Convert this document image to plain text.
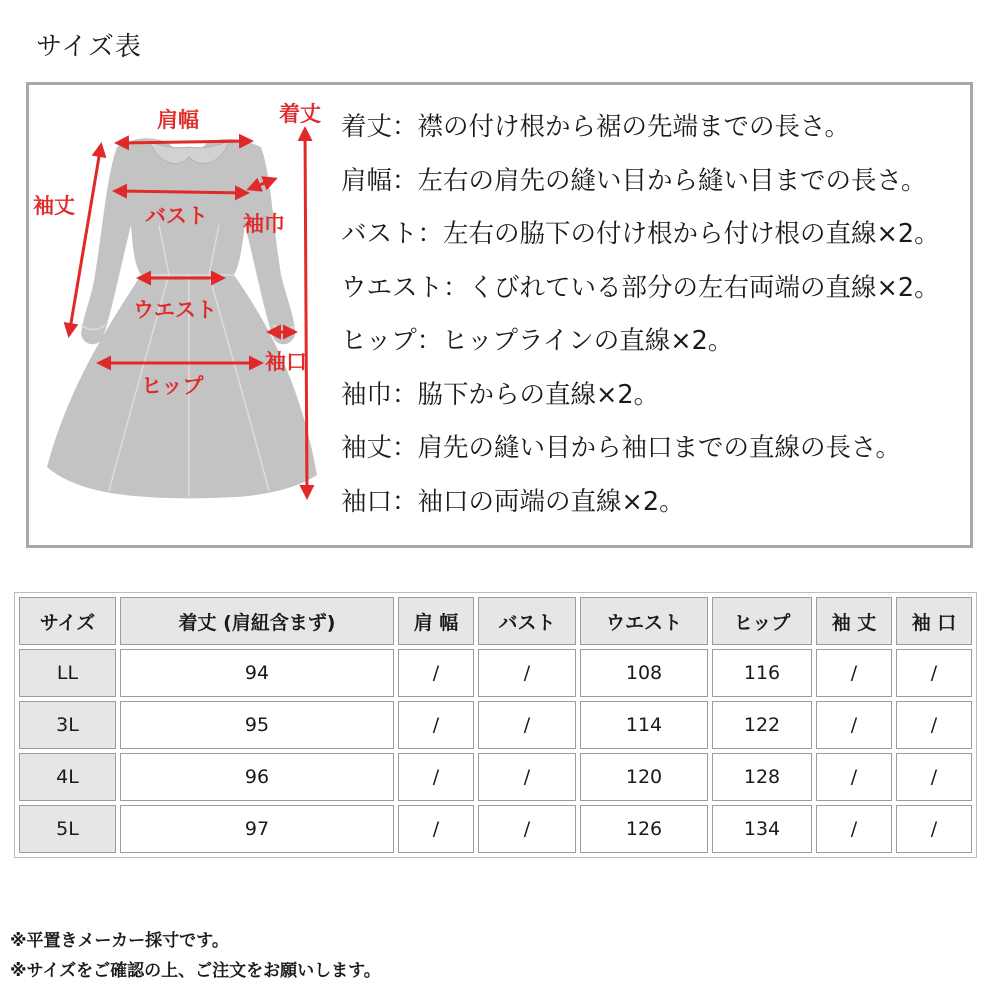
サイズ表
肩幅	着丈
袖丈	バスト 袖巾
ウエスト
袖口
ヒップ
着丈：襟の付け根から裾の先端までの長さ。
肩幅：左右の肩先の縫い目から縫い目までの長さ。
バスト：左右の脇下の付け根から付け根の直線×2。
ウエスト：くびれている部分の左右両端の直線×2。
ヒップ：ヒップラインの直線×2。
袖巾：脇下からの直線×2。
袖丈：肩先の縫い目から袖口までの直線の長さ。
袖口：袖口の両端の直線×2。
サイズ	着丈 (肩紐含まず)	肩 幅	バスト	ウエスト	ヒップ	袖 丈	袖 口
LL	94	/	/	108	116	/	/
3L	95	/	/	114	122	/	/
4L	96	/	/	120	128	/	/
5L	97	/	/	126	134	/	/
※平置きメーカー採寸です。
※サイズをご確認の上、ご注文をお願いします。
